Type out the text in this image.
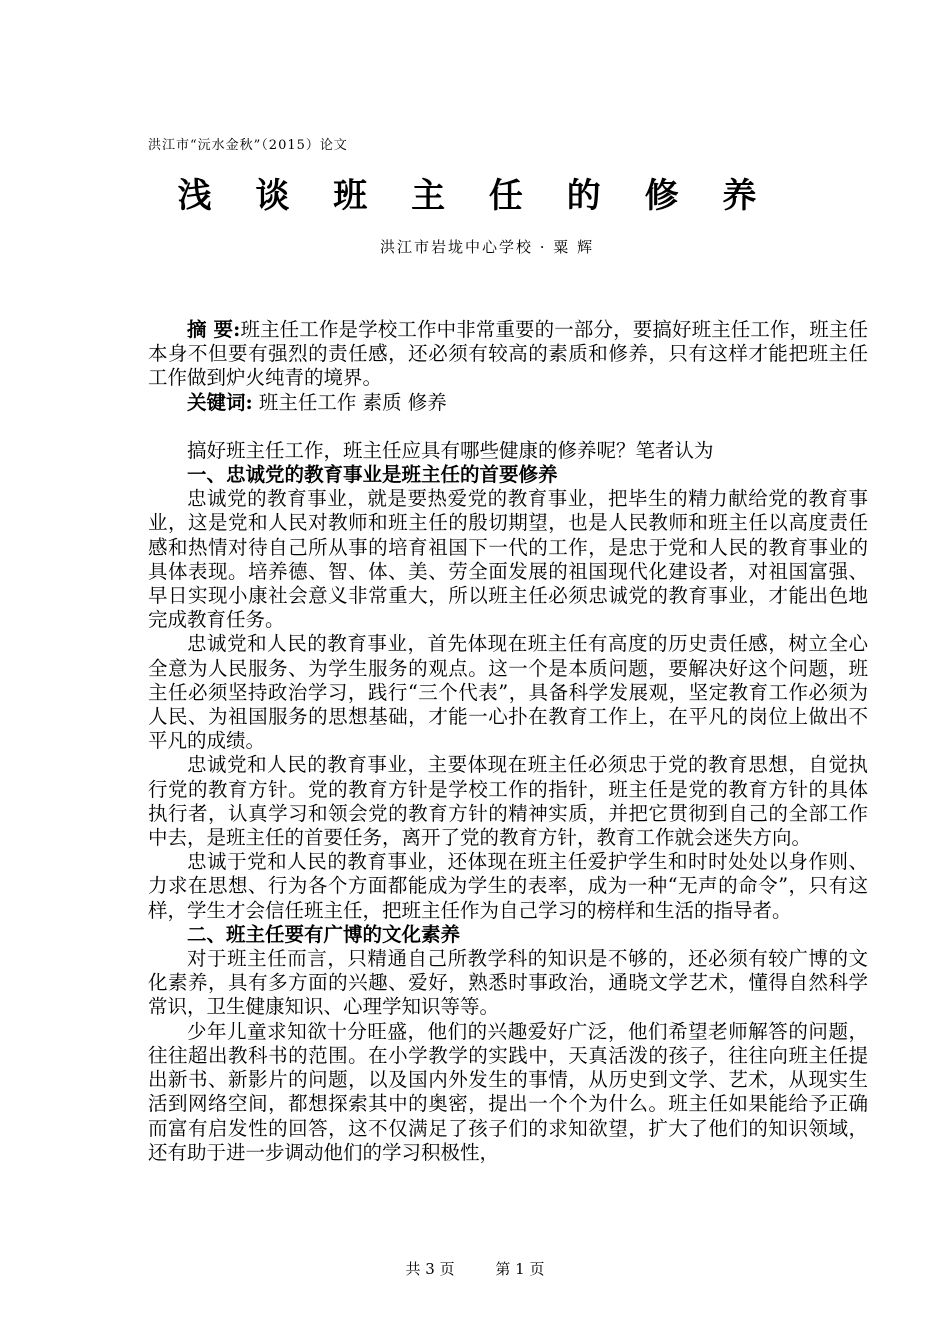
洪江市“沅水金秋”（2015）论文
浅 谈 班 主 任 的 修 养
洪江市岩垅中心学校 · 粟 辉

摘 要:班主任工作是学校工作中非常重要的一部分，要搞好班主任工作，班主任本身不但要有强烈的责任感，还必须有较高的素质和修养，只有这样才能把班主任工作做到炉火纯青的境界。

关键词: 班主任工作 素质 修养

搞好班主任工作，班主任应具有哪些健康的修养呢？笔者认为

一、忠诚党的教育事业是班主任的首要修养

忠诚党的教育事业，就是要热爱党的教育事业，把毕生的精力献给党的教育事业，这是党和人民对教师和班主任的殷切期望，也是人民教师和班主任以高度责任感和热情对待自己所从事的培育祖国下一代的工作，是忠于党和人民的教育事业的具体表现。培养德、智、体、美、劳全面发展的祖国现代化建设者，对祖国富强、早日实现小康社会意义非常重大，所以班主任必须忠诚党的教育事业，才能出色地完成教育任务。

忠诚党和人民的教育事业，首先体现在班主任有高度的历史责任感，树立全心全意为人民服务、为学生服务的观点。这一个是本质问题，要解决好这个问题，班主任必须坚持政治学习，践行“三个代表”，具备科学发展观，坚定教育工作必须为人民、为祖国服务的思想基础，才能一心扑在教育工作上，在平凡的岗位上做出不平凡的成绩。

忠诚党和人民的教育事业，主要体现在班主任必须忠于党的教育思想，自觉执行党的教育方针。党的教育方针是学校工作的指针，班主任是党的教育方针的具体执行者，认真学习和领会党的教育方针的精神实质，并把它贯彻到自己的全部工作中去，是班主任的首要任务，离开了党的教育方针，教育工作就会迷失方向。

忠诚于党和人民的教育事业，还体现在班主任爱护学生和时时处处以身作则、力求在思想、行为各个方面都能成为学生的表率，成为一种“无声的命令”，只有这样，学生才会信任班主任，把班主任作为自己学习的榜样和生活的指导者。

二、班主任要有广博的文化素养

对于班主任而言，只精通自己所教学科的知识是不够的，还必须有较广博的文化素养，具有多方面的兴趣、爱好，熟悉时事政治，通晓文学艺术，懂得自然科学常识，卫生健康知识、心理学知识等等。

少年儿童求知欲十分旺盛，他们的兴趣爱好广泛，他们希望老师解答的问题，往往超出教科书的范围。在小学教学的实践中，天真活泼的孩子，往往向班主任提出新书、新影片的问题，以及国内外发生的事情，从历史到文学、艺术，从现实生活到网络空间，都想探索其中的奥密，提出一个个为什么。班主任如果能给予正确而富有启发性的回答，这不仅满足了孩子们的求知欲望，扩大了他们的知识领域，还有助于进一步调动他们的学习积极性，

共 3 页	第 1 页
